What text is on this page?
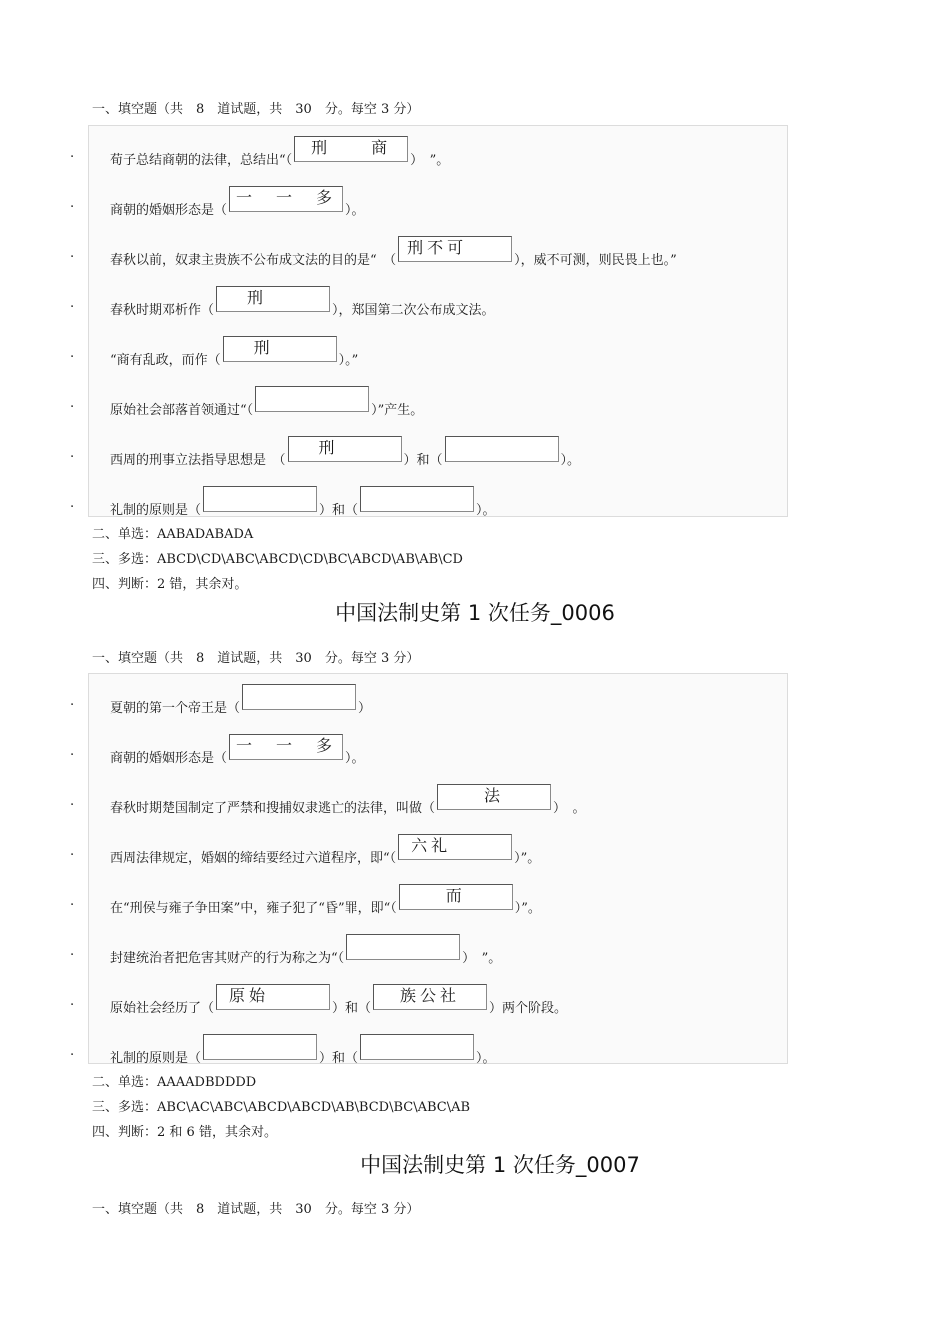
一、填空题（共　8　道试题，共　30　分。每空 3 分）
.	荀子总结商朝的法律，总结出“（
刑　　商
）　”。
.	商朝的婚姻形态是（
一　一　多
）。
.	春秋以前，奴隶主贵族不公布成文法的目的是“　（
刑不可
），威不可测，则民畏上也。”
.	春秋时期邓析作（
刑
），郑国第二次公布成文法。
.	“商有乱政，而作（
刑
）。”
.	原始社会部落首领通过“（	）”产生。
.	西周的刑事立法指导思想是　（
刑
）和（	）。
.	礼制的原则是（	）和（	）。
二、单选：AABADABADA
三、多选：ABCD\CD\ABC\ABCD\CD\BC\ABCD\AB\AB\CD
四、判断：2 错，其余对。
中国法制史第 1 次任务_0006
一、填空题（共　8　道试题，共　30　分。每空 3 分）
.	夏朝的第一个帝王是（	）
.	商朝的婚姻形态是（
一　一　多
）。
.	春秋时期楚国制定了严禁和搜捕奴隶逃亡的法律，叫做（
法
）　。
.	西周法律规定，婚姻的缔结要经过六道程序，即“（
六礼
）”。
.	在“刑侯与雍子争田案”中，雍子犯了“昏”罪，即“（
而
）”。
.	封建统治者把危害其财产的行为称之为“（	）　”。
.	原始社会经历了（
原始
）和（
族公社
）两个阶段。
.	礼制的原则是（	）和（	）。
二、单选：AAAADBDDDD
三、多选：ABC\AC\ABC\ABCD\ABCD\AB\BCD\BC\ABC\AB
四、判断：2 和 6 错，其余对。
中国法制史第 1 次任务_0007
一、填空题（共　8　道试题，共　30　分。每空 3 分）
